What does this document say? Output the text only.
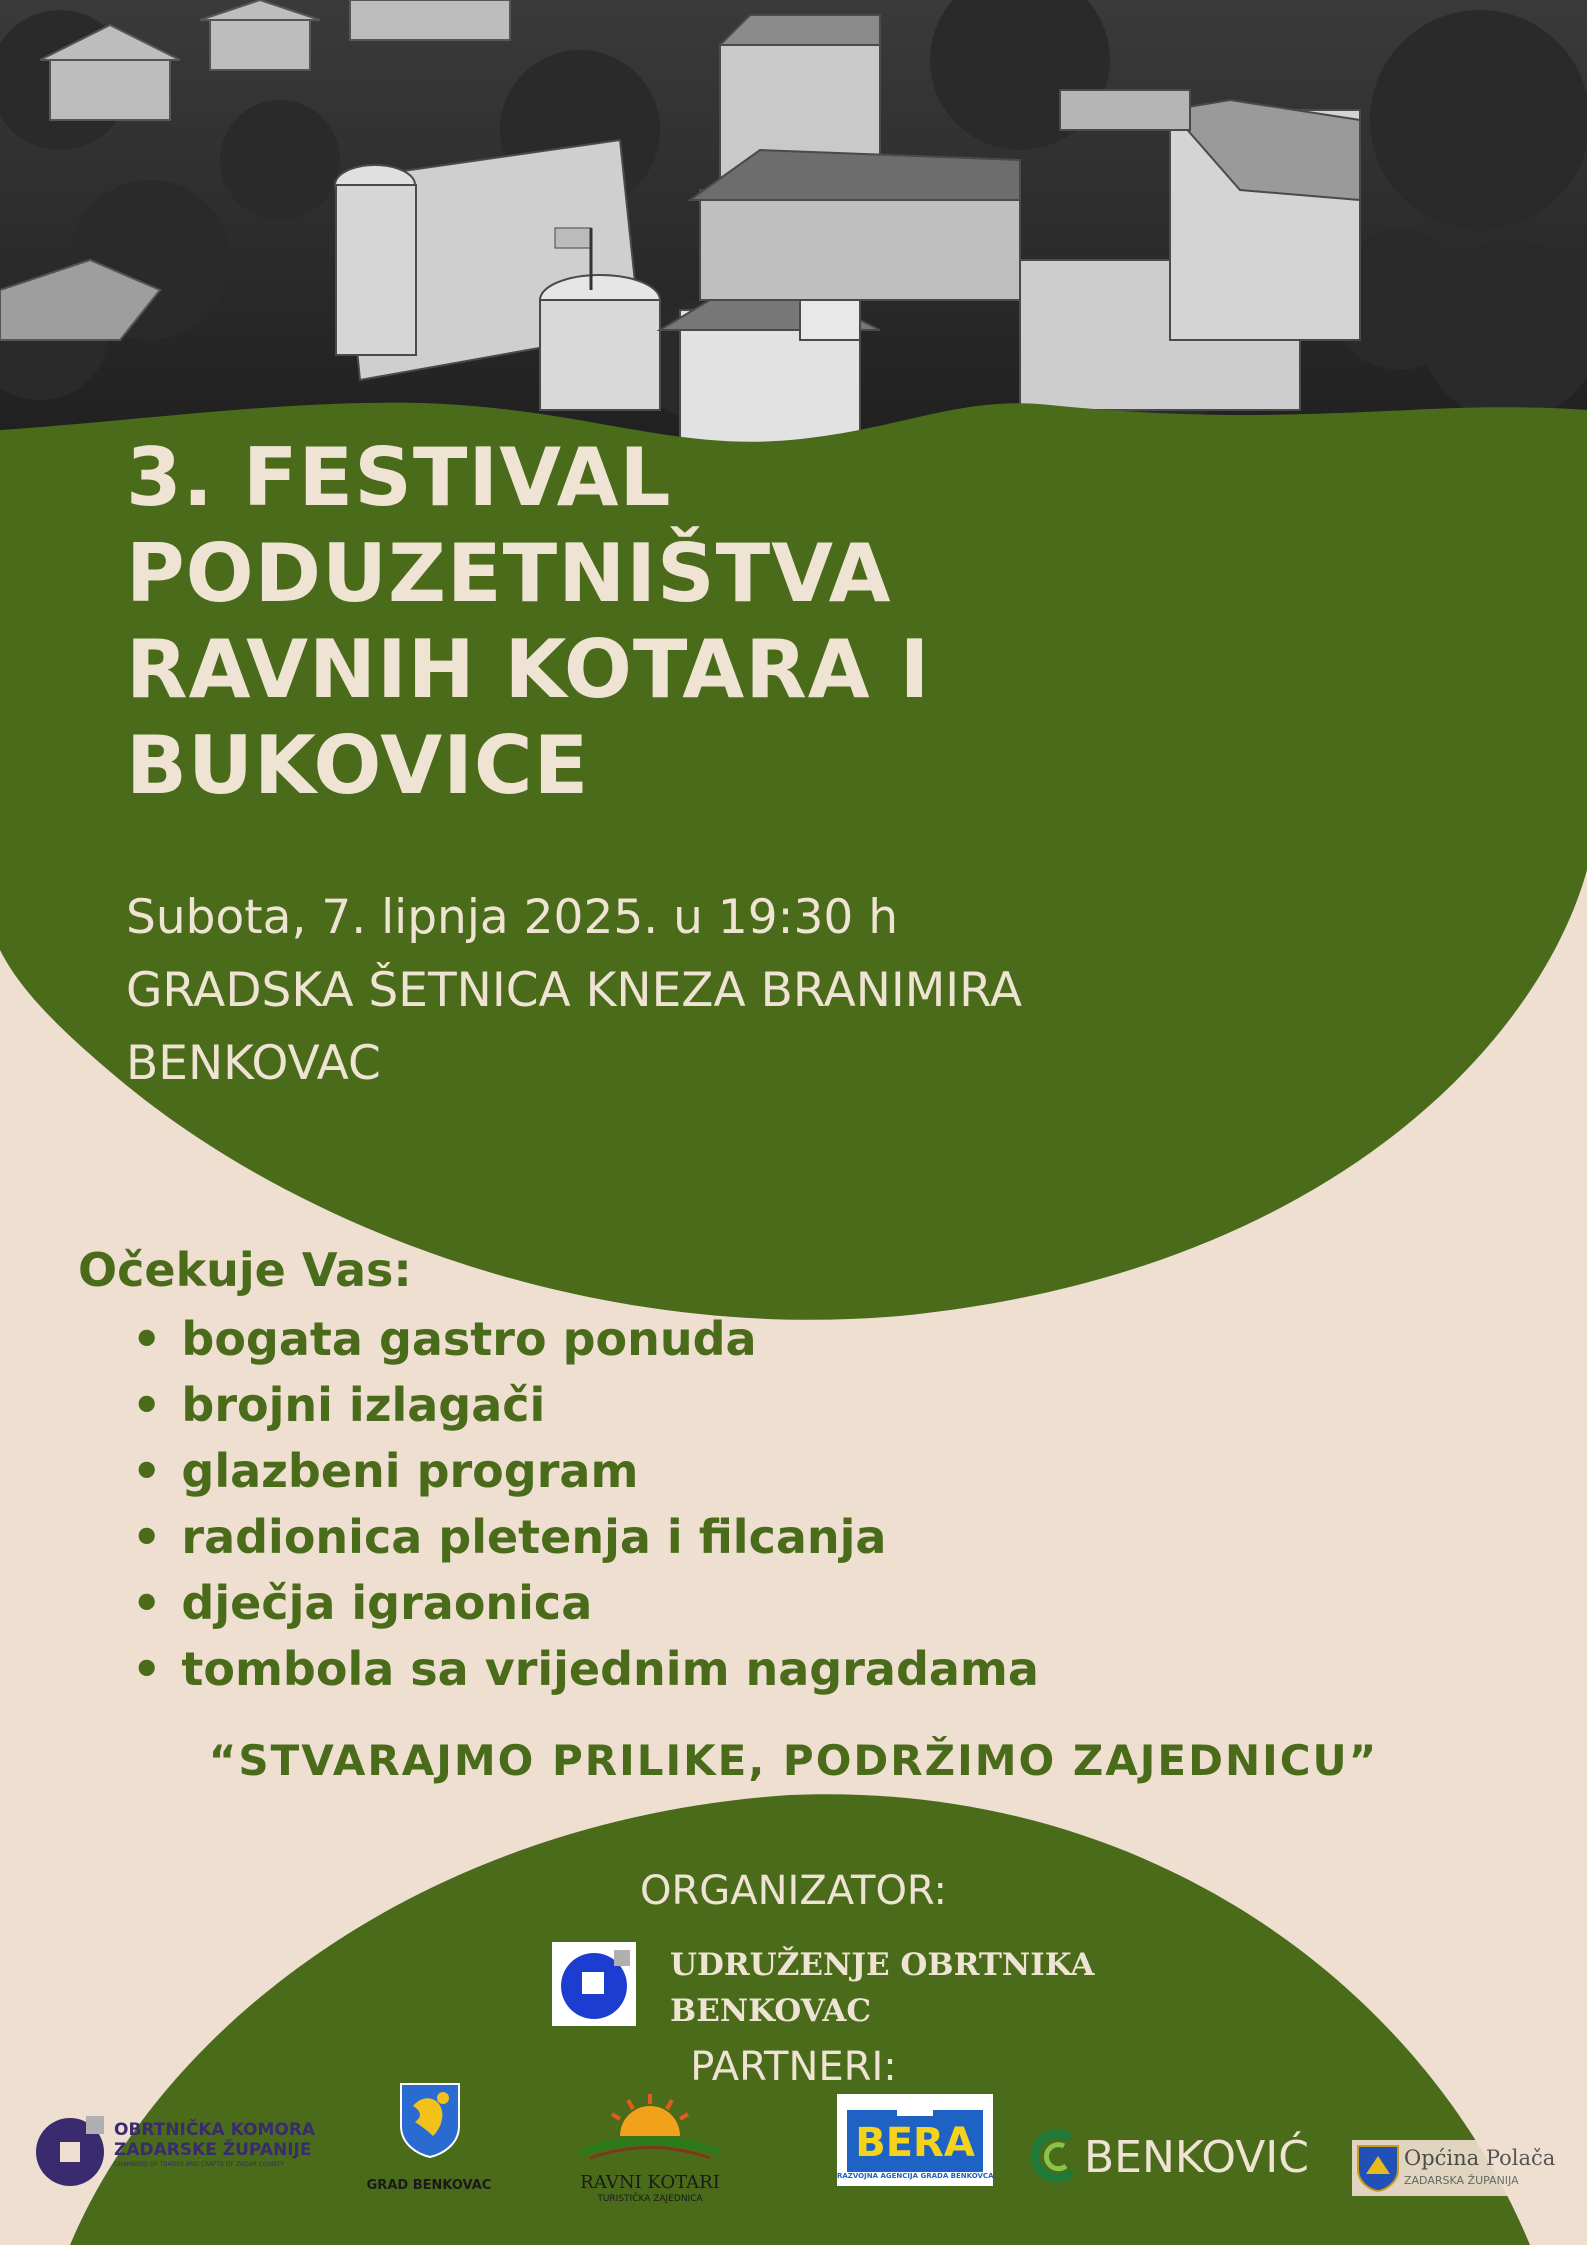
3. FESTIVAL
PODUZETNIŠTVA
RAVNIH KOTARA I
BUKOVICE
Subota, 7. lipnja 2025. u 19:30 h
GRADSKA ŠETNICA KNEZA BRANIMIRA
BENKOVAC
Očekuje Vas:
• bogata gastro ponuda
• brojni izlagači
• glazbeni program
• radionica pletenja i filcanja
• dječja igraonica
• tombola sa vrijednim nagradama
“STVARAJMO PRILIKE, PODRŽIMO ZAJEDNICU”
ORGANIZATOR:
UDRUŽENJE OBRTNIKA
BENKOVAC
PARTNERI:
OBRTNIČKA KOMORA
ZADARSKE ŽUPANIJE
CHAMBERS OF TRADES AND CRAFTS OF ZADAR COUNTY
GRAD BENKOVAC	RAVNI KOTARI
TURISTIČKA ZAJEDNICA
BERA
RAZVOJNA AGENCIJA GRADA BENKOVCA BENKOVIĆ	Općina Polača
ZADARSKA ŽUPANIJA
